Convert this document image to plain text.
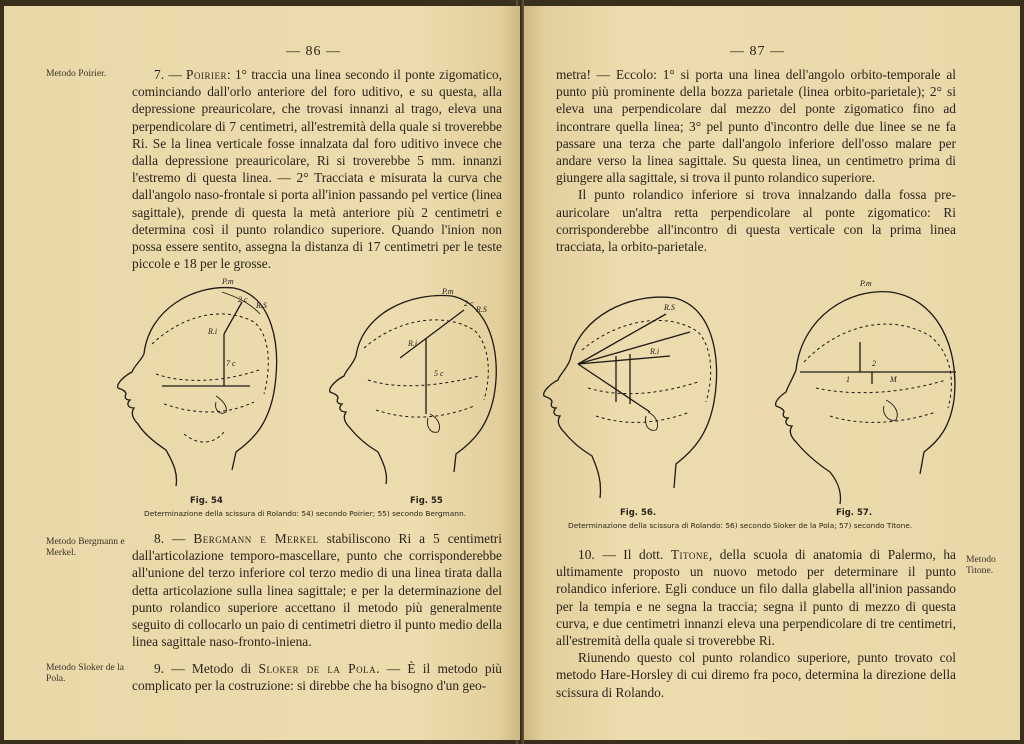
— 86 —
Metodo Poirier.	7. — Poirier: 1° traccia una linea secondo il ponte zigomatico, cominciando dall'orlo anteriore del foro uditivo, e su questa, alla depressione preauricolare, che trovasi innanzi al trago, eleva una perpendicolare di 7 centimetri, all'estremità della quale si troverebbe Ri. Se la linea verticale fosse innalzata dal foro uditivo invece che dalla depressione preauricolare, Ri si troverebbe 5 mm. innanzi l'estremo di questa linea. — 2° Tracciata e misurata la curva che dall'angolo naso-frontale si porta all'inion passando pel vertice (linea sagittale), prende di questa la metà anteriore più 2 centimetri e determina così il punto rolandico superiore. Quando l'inion non possa essere sentito, assegna la distanza di 17 centimetri per le teste piccole e 18 per le grosse.

P.m
2 c
R.S
R.i
7 c
P.m
2 c
R.S
R.i
5 c
Fig. 54	Fig. 55
Determinazione della scissura di Rolando: 54) secondo Poirier; 55) secondo Bergmann.
Metodo Bergmann e Merkel.

8. — Bergmann e Merkel stabiliscono Ri a 5 centimetri dall'articolazione temporo-mascellare, punto che corrisponderebbe all'unione del terzo inferiore col terzo medio di una linea tirata dalla detta articolazione sulla linea sagittale; e per la determinazione del punto rolandico superiore accettano il metodo più generalmente seguito di collocarlo un paio di centimetri dietro il punto medio della linea sagittale naso-fronto-iniena.

Metodo Sloker de la Pola.

9. — Metodo di Sloker de la Pola. — È il metodo più complicato per la costruzione: si direbbe che ha bisogno d'un geo-

— 87 —

metra! — Eccolo: 1° si porta una linea dell'angolo orbito-temporale al punto più prominente della bozza parietale (linea orbito-parietale); 2° si eleva una perpendicolare dal mezzo del ponte zigomatico fino ad incontrare quella linea; 3° pel punto d'incontro delle due linee se ne fa passare una terza che parte dall'angolo inferiore dell'osso malare per andare verso la linea sagittale. Su questa linea, un centimetro prima di giungere alla sagittale, si trova il punto rolandico superiore.

Il punto rolandico inferiore si trova innalzando dalla fossa pre-auricolare un'altra retta perpendicolare al ponte zigomatico: Ri corrisponderebbe all'incontro di questa verticale con la prima linea tracciata, la orbito-parietale.

R.S
R.i
P.m
2
M
1
Fig. 56.	Fig. 57.
Determinazione della scissura di Rolando: 56) secondo Sloker de la Pola; 57) secondo Titone.

10. — Il dott. Titone, della scuola di anatomia di Palermo, ha ultimamente proposto un nuovo metodo per determinare il punto rolandico inferiore. Egli conduce un filo dalla glabella all'inion passando per la tempia e ne segna la traccia; segna il punto di mezzo di questa curva, e due centimetri innanzi eleva una perpendicolare di tre centimetri, all'estremità della quale si troverebbe Ri.

Riunendo questo col punto rolandico superiore, punto trovato col metodo Hare-Horsley di cui diremo fra poco, determina la direzione della scissura di Rolando.

Metodo Titone.
